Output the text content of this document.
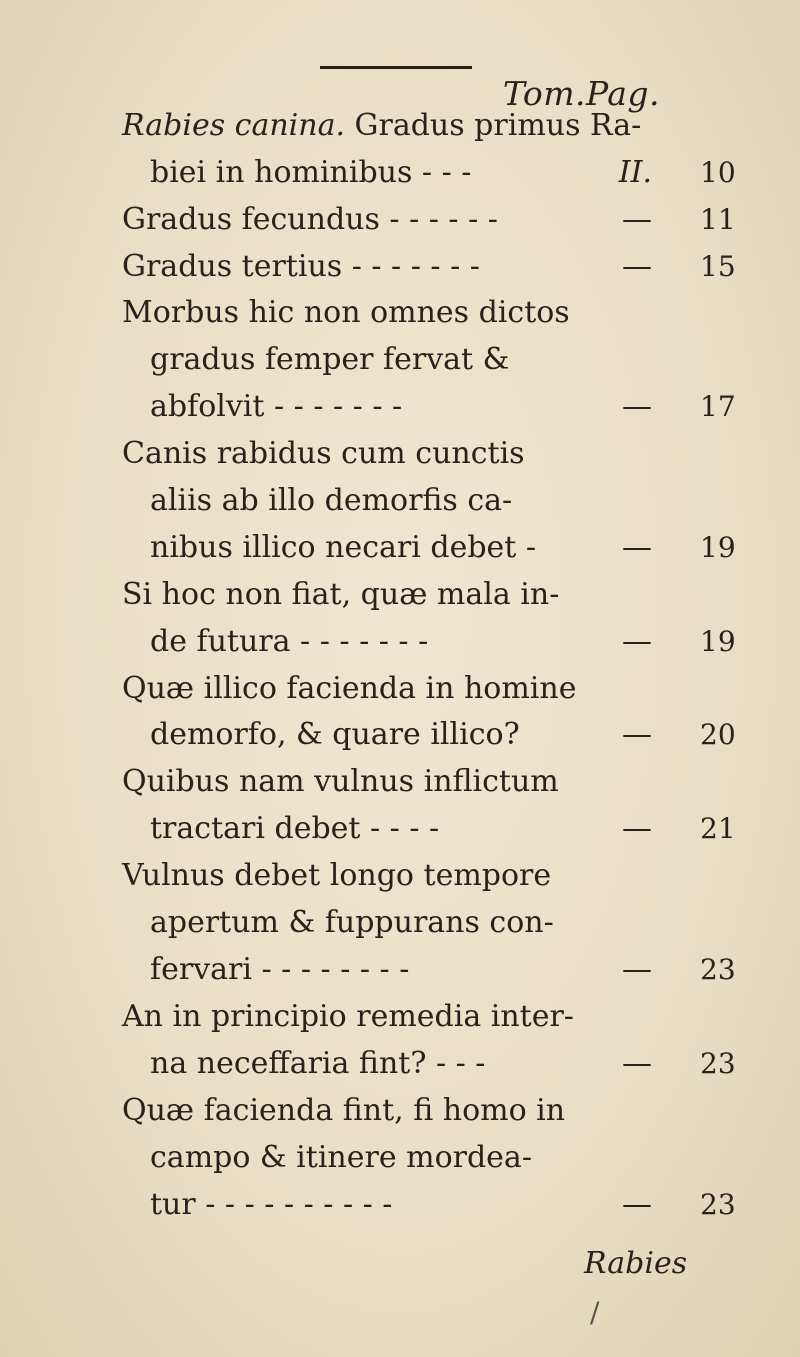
Tom.Pag.
Rabies canina. Gradus primus Ra-
biei in hominibus - - -	II. 10
Gradus fecundus - - - - - -	— 11
Gradus tertius - - - - - - -	— 15
Morbus hic non omnes dictos
gradus femper fervat &
abfolvit - - - - - - -	— 17
Canis rabidus cum cunctis
aliis ab illo demorfis ca-
nibus illico necari debet -	— 19
Si hoc non fiat, quæ mala in-
de futura - - - - - - -	— 19
Quæ illico facienda in homine
demorfo, & quare illico?	— 20
Quibus nam vulnus inflictum
tractari debet - - - -	— 21
Vulnus debet longo tempore
apertum & fuppurans con-
fervari - - - - - - - -	— 23
An in principio remedia inter-
na neceffaria fint? - - -	— 23
Quæ facienda fint, fi homo in
campo & itinere mordea-
tur - - - - - - - - - -	— 23
Rabies
/
